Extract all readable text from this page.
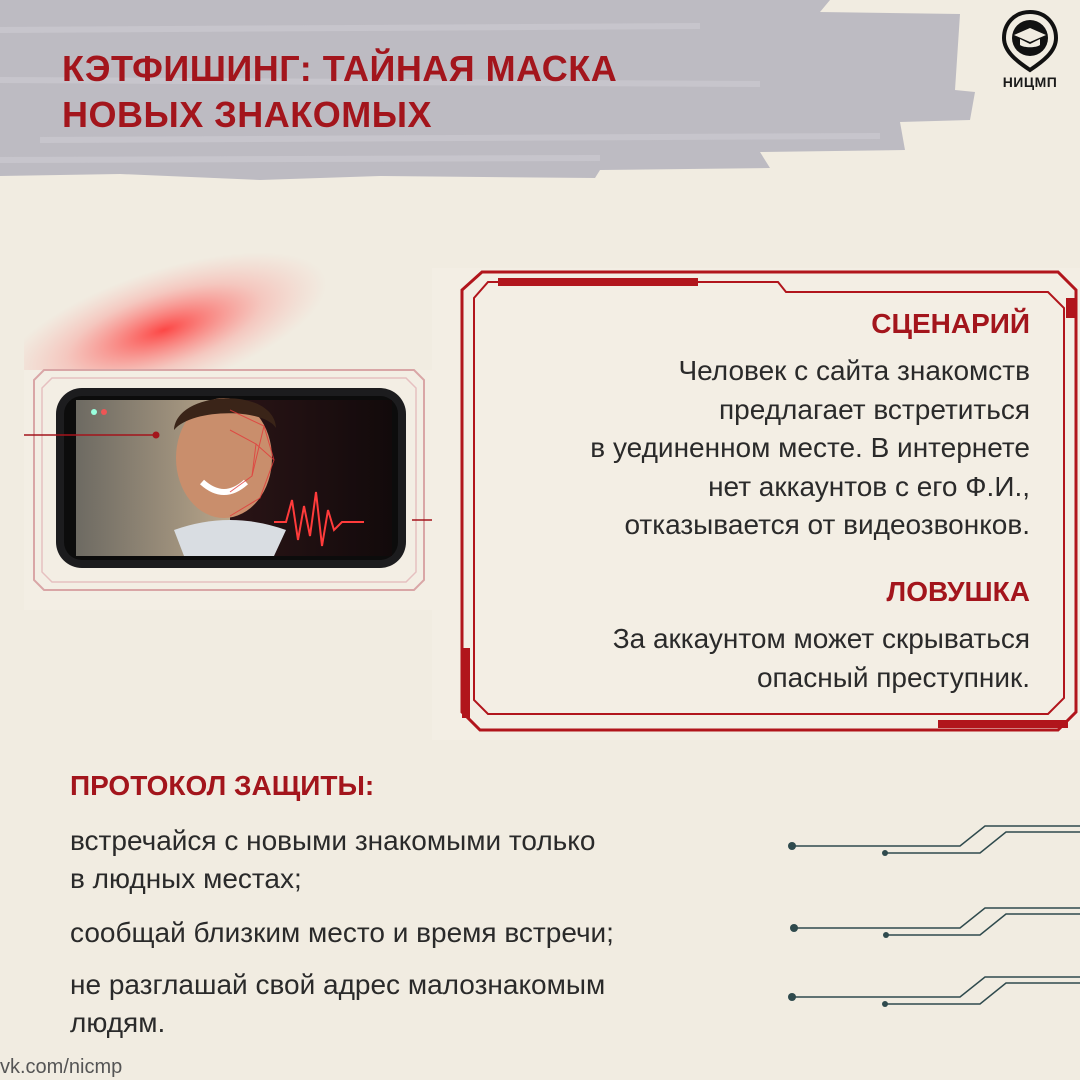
КЭТФИШИНГ: ТАЙНАЯ МАСКА
НОВЫХ ЗНАКОМЫХ
НИЦМП
СЦЕНАРИЙ
Человек с сайта знакомств
предлагает встретиться
в уединенном месте. В интернете
нет аккаунтов с его Ф.И.,
отказывается от видеозвонков.
ЛОВУШКА
За аккаунтом может скрываться
опасный преступник.
ПРОТОКОЛ ЗАЩИТЫ:
встречайся с новыми знакомыми только
в людных местах;
сообщай близким место и время встречи;
не разглашай свой адрес малознакомым
людям.
vk.com/nicmp
